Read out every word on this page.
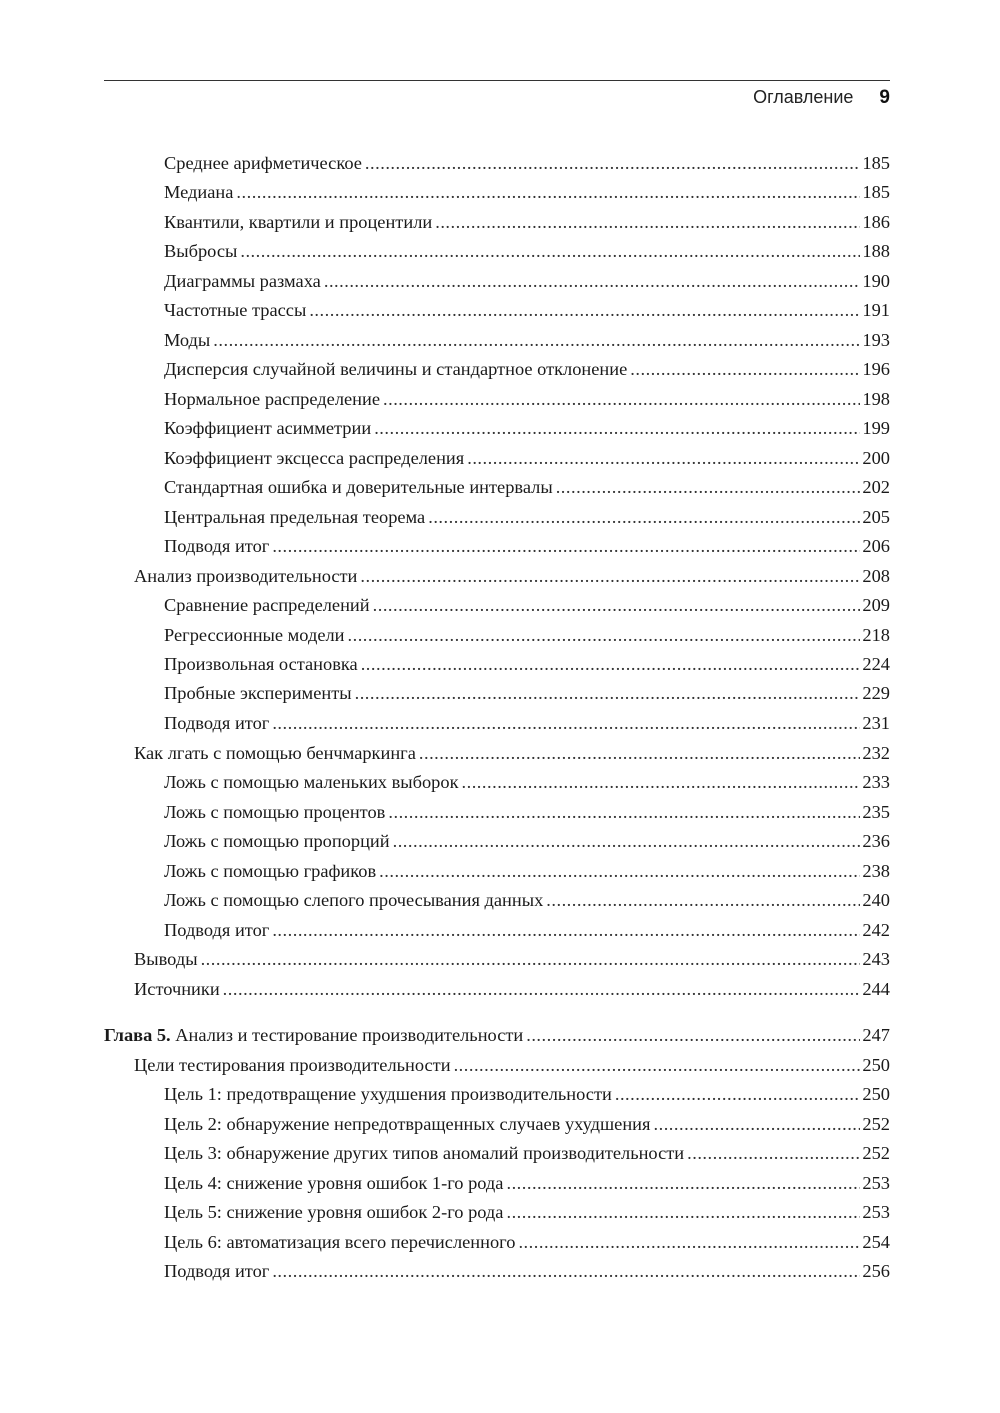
Оглавление 9
Среднее арифметическое .....	185
Медиана .....	185
Квантили, квартили и процентили .....	186
Выбросы .....	188
Диаграммы размаха .....	190
Частотные трассы .....	191
Моды .....	193
Дисперсия случайной величины и стандартное отклонение .....	196
Нормальное распределение .....	198
Коэффициент асимметрии .....	199
Коэффициент эксцесса распределения .....	200
Стандартная ошибка и доверительные интервалы .....	202
Центральная предельная теорема .....	205
Подводя итог .....	206
Анализ производительности .....	208
Сравнение распределений .....	209
Регрессионные модели .....	218
Произвольная остановка .....	224
Пробные эксперименты .....	229
Подводя итог .....	231
Как лгать с помощью бенчмаркинга .....	232
Ложь с помощью маленьких выборок .....	233
Ложь с помощью процентов .....	235
Ложь с помощью пропорций .....	236
Ложь с помощью графиков .....	238
Ложь с помощью слепого прочесывания данных .....	240
Подводя итог .....	242
Выводы .....	243
Источники .....	244
Глава 5.
Анализ и тестирование производительности .....	247
Цели тестирования производительности .....	250
Цель 1: предотвращение ухудшения производительности .....	250
Цель 2: обнаружение непредотвращенных случаев ухудшения .....	252
Цель 3: обнаружение других типов аномалий производительности .....	252
Цель 4: снижение уровня ошибок 1-го рода .....	253
Цель 5: снижение уровня ошибок 2-го рода .....	253
Цель 6: автоматизация всего перечисленного .....	254
Подводя итог .....	256
